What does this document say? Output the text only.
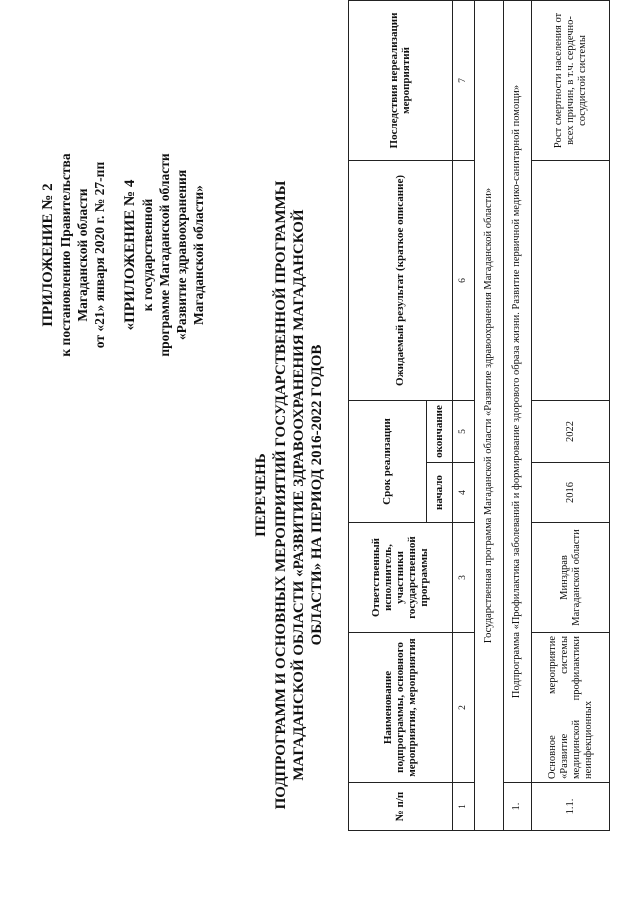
ПРИЛОЖЕНИЕ № 2 к постановлению Правительства Магаданской области от «21» января 2020 г. № 27-пп «ПРИЛОЖЕНИЕ № 4 к государственной программе Магаданской области «Развитие здравоохранения Магаданской области»
ПЕРЕЧЕНЬ ПОДПРОГРАММ И ОСНОВНЫХ МЕРОПРИЯТИЙ ГОСУДАРСТВЕННОЙ ПРОГРАММЫ МАГАДАНСКОЙ ОБЛАСТИ «РАЗВИТИЕ ЗДРАВООХРАНЕНИЯ МАГАДАНСКОЙ ОБЛАСТИ» НА ПЕРИОД 2016-2022 ГОДОВ
№ п/п	Наименование подпрограммы, основного мероприятия, мероприятия	Ответственный исполнитель, участники государственной программы	Срок реализации		Ожидаемый результат (краткое описание)	Последствия нереализации мероприятий
			начало	окончание		
1	2	3	4	5	6	7
Государственная программа Магаданской области «Развитие здравоохранения Магаданской области»						
1.	Подпрограмма «Профилактика заболеваний и формирование здорового образа жизни. Развитие первичной медико-санитарной помощи»					
1.1.	Основное мероприятие «Развитие системы медицинской профилактики неинфекционных	Минздрав Магаданской области	2016	2022		Рост смертности населения от всех причин, в т.ч. сердечно-сосудистой системы
